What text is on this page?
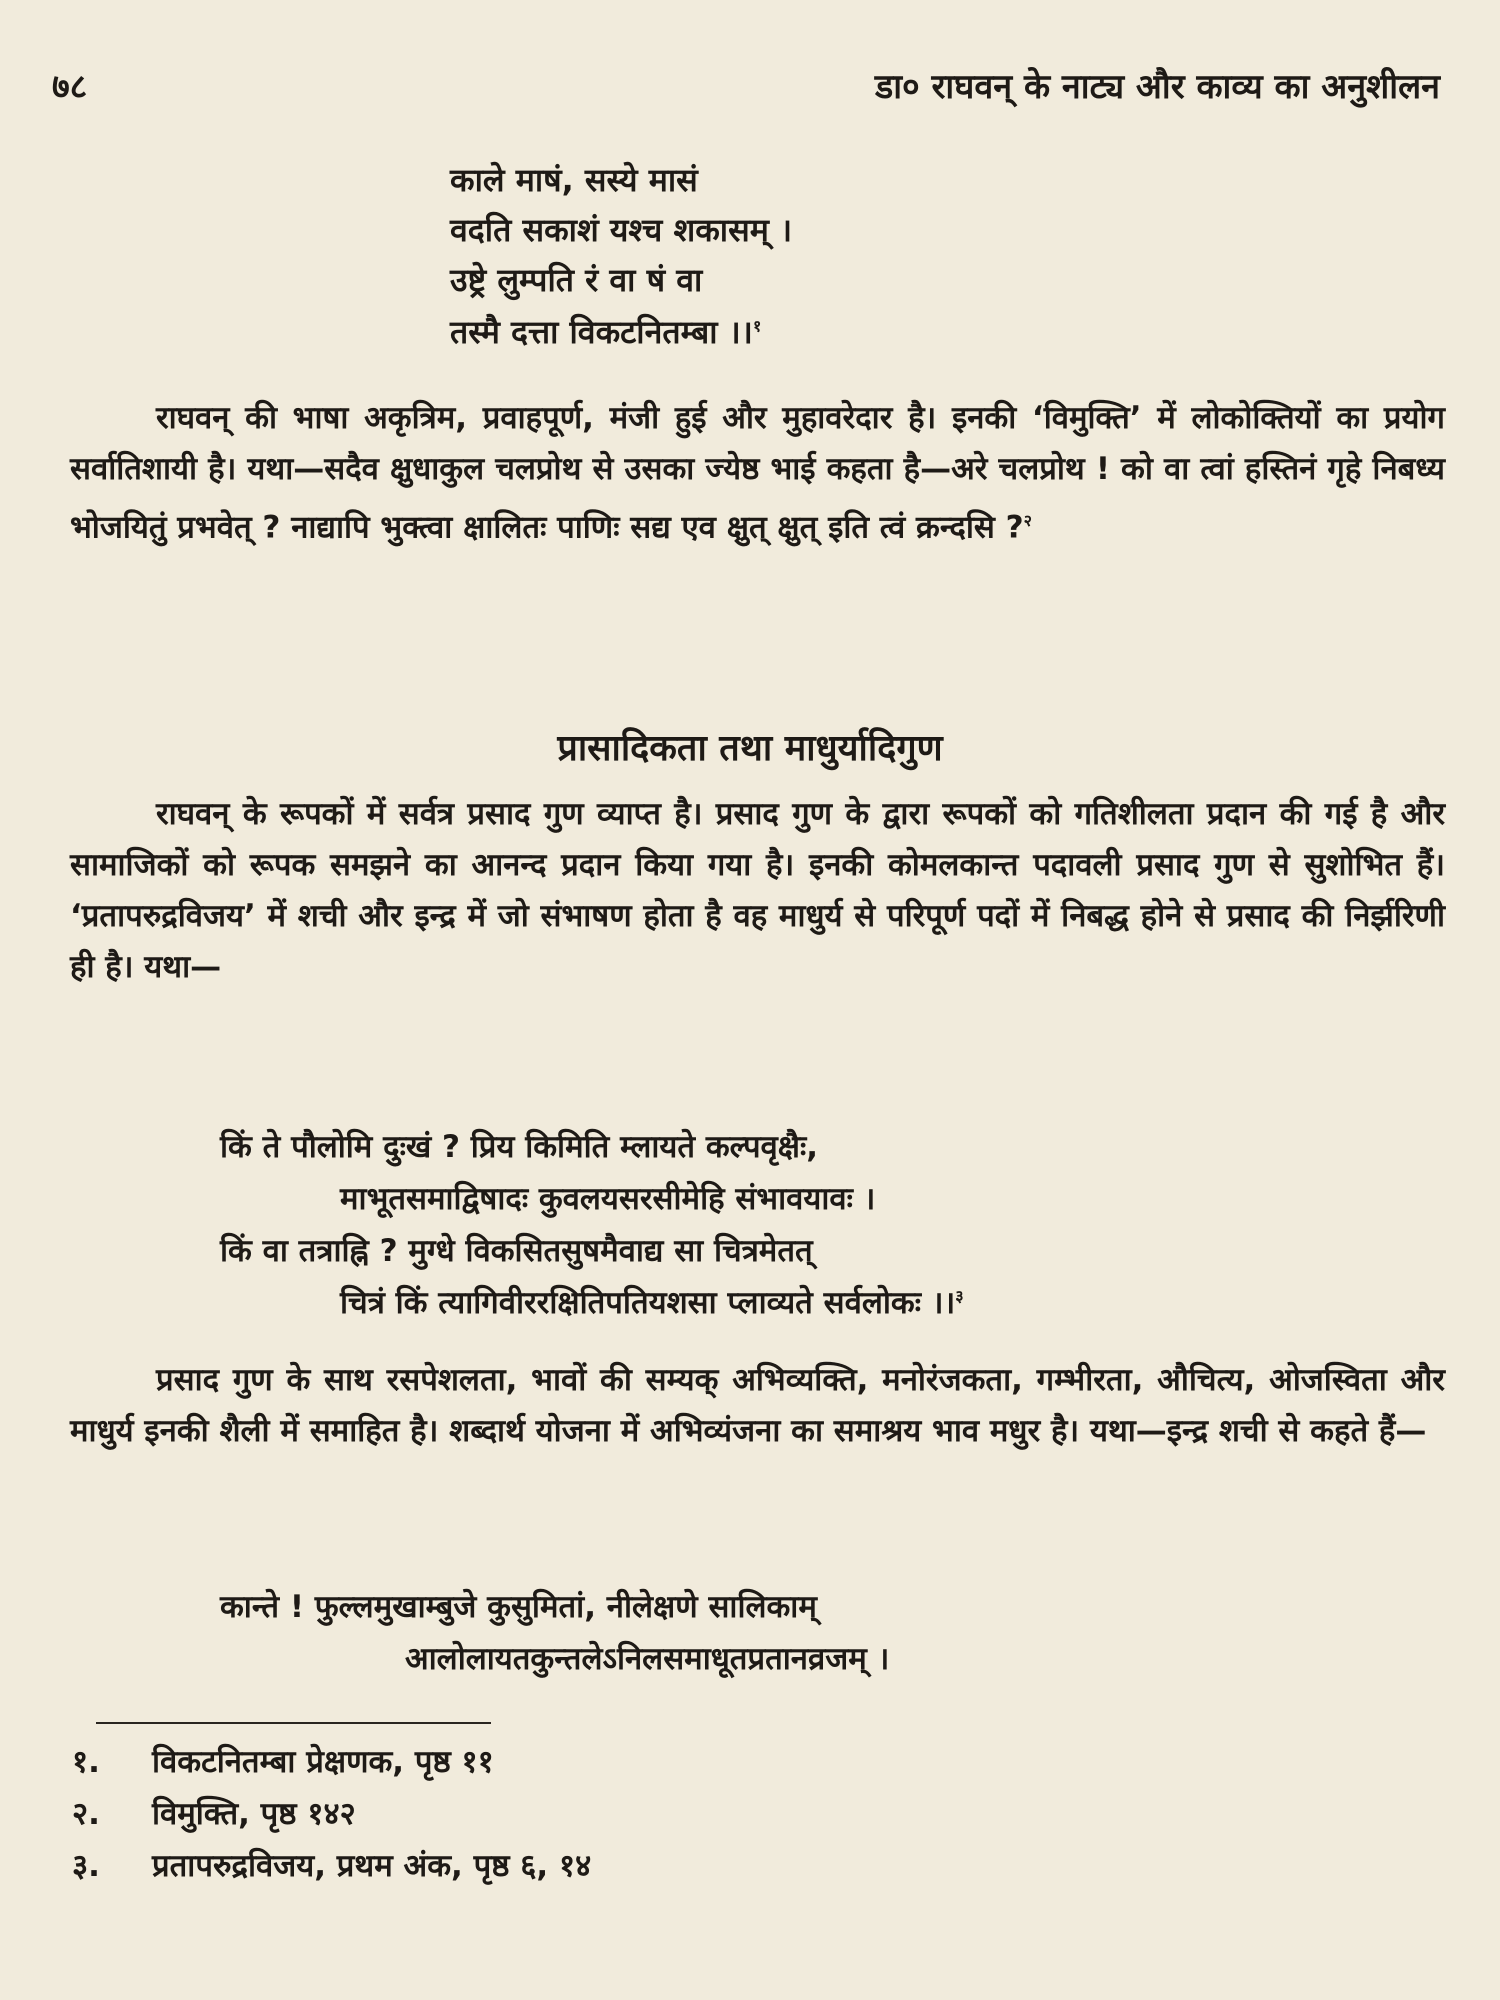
७८	डा० राघवन् के नाट्य और काव्य का अनुशीलन
काले माषं, सस्ये मासं
वदति सकाशं यश्च शकासम् ।
उष्ट्रे लुम्पति रं वा षं वा
तस्मै दत्ता विकटनितम्बा ।।$^१$

राघवन् की भाषा अकृत्रिम, प्रवाहपूर्ण, मंजी हुई और मुहावरेदार है। इनकी ‘विमुक्ति’ में लोकोक्तियों का प्रयोग सर्वातिशायी है। यथा—सदैव क्षुधाकुल चलप्रोथ से उसका ज्येष्ठ भाई कहता है—अरे चलप्रोथ ! को वा त्वां हस्तिनं गृहे निबध्य भोजयितुं प्रभवेत् ? नाद्यापि भुक्त्वा क्षालितः पाणिः सद्य एव क्षुत् क्षुत् इति त्वं क्रन्दसि ?$^२$

प्रासादिकता तथा माधुर्यादिगुण

राघवन् के रूपकों में सर्वत्र प्रसाद गुण व्याप्त है। प्रसाद गुण के द्वारा रूपकों को गतिशीलता प्रदान की गई है और सामाजिकों को रूपक समझने का आनन्द प्रदान किया गया है। इनकी कोमलकान्त पदावली प्रसाद गुण से सुशोभित हैं। ‘प्रतापरुद्रविजय’ में शची और इन्द्र में जो संभाषण होता है वह माधुर्य से परिपूर्ण पदों में निबद्ध होने से प्रसाद की निर्झरिणी ही है। यथा—

किं ते पौलोमि दुःखं ? प्रिय किमिति म्लायते कल्पवृक्षैः,
माभूतसमाद्विषादः कुवलयसरसीमेहि संभावयावः ।
किं वा तत्राह्नि ? मुग्धे विकसितसुषमैवाद्य सा चित्रमेतत्
चित्रं किं त्यागिवीररक्षितिपतियशसा प्लाव्यते सर्वलोकः ।।$^३$

प्रसाद गुण के साथ रसपेशलता, भावों की सम्यक् अभिव्यक्ति, मनोरंजकता, गम्भीरता, औचित्य, ओजस्विता और माधुर्य इनकी शैली में समाहित है। शब्दार्थ योजना में अभिव्यंजना का समाश्रय भाव मधुर है। यथा—इन्द्र शची से कहते हैं—

कान्ते ! फुल्लमुखाम्बुजे कुसुमितां, नीलेक्षणे सालिकाम्
आलोलायतकुन्तलेऽनिलसमाधूतप्रतानव्रजम् ।
१. विकटनितम्बा प्रेक्षणक, पृष्ठ ११
२. विमुक्ति, पृष्ठ १४२
३. प्रतापरुद्रविजय, प्रथम अंक, पृष्ठ ६, १४
